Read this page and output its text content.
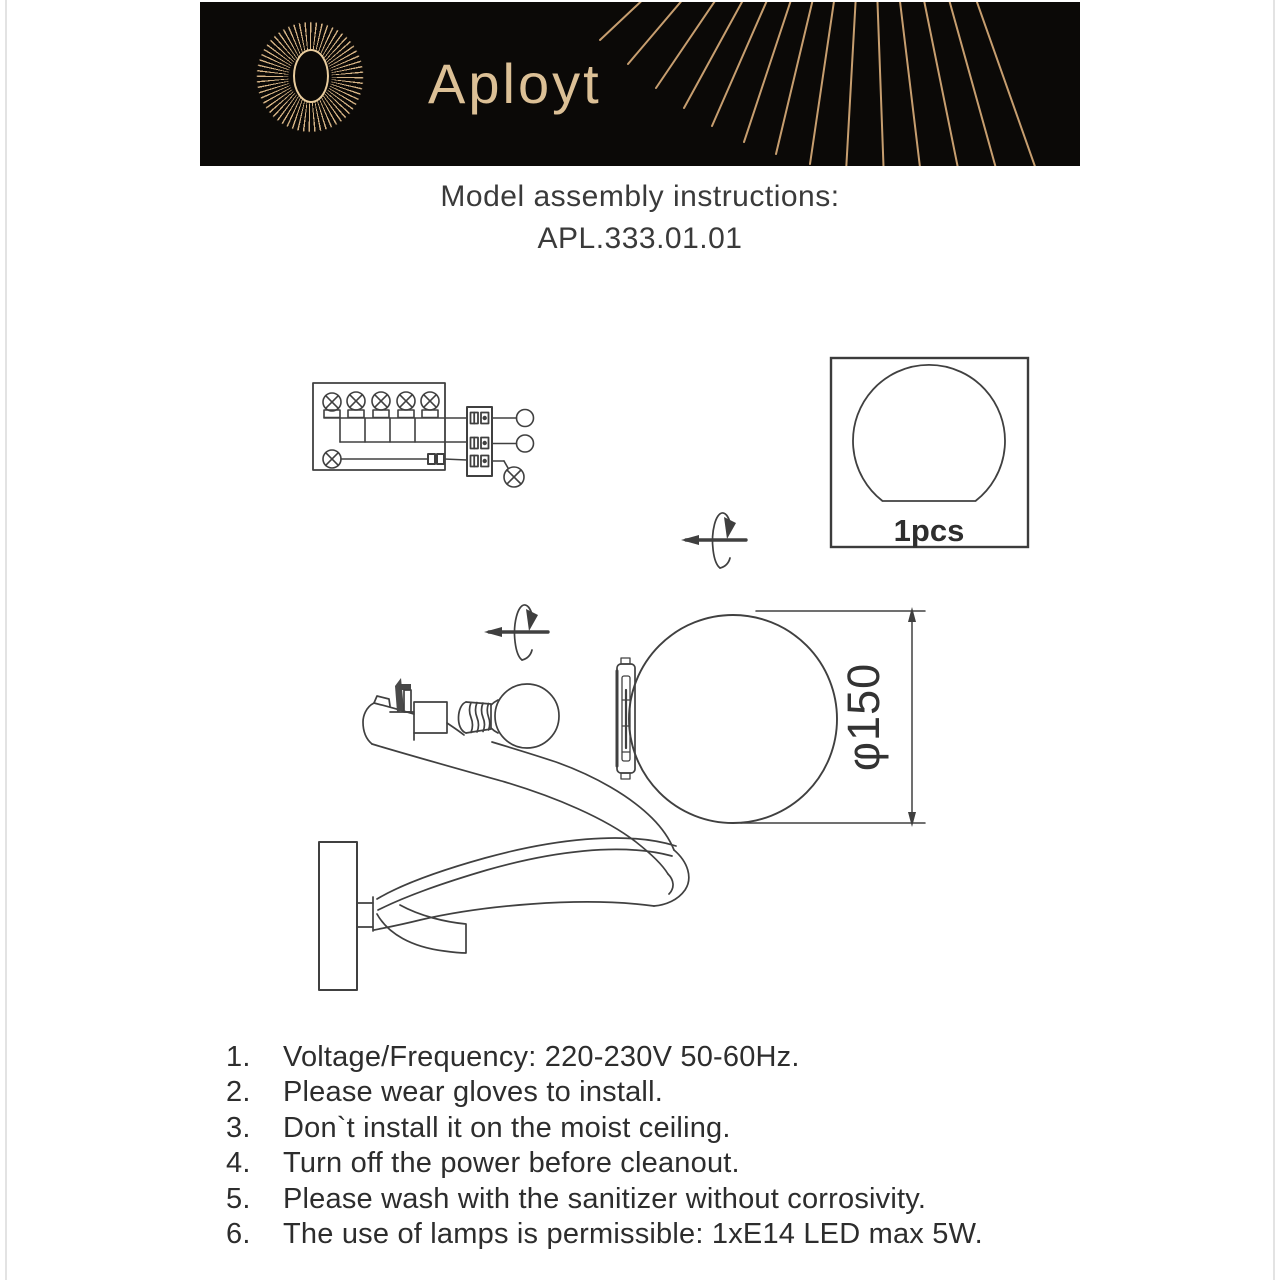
Aployt
Model assembly instructions:
APL.333.01.01
1pcs
φ150
1.	Voltage/Frequency: 220-230V 50-60Hz.
2.	Please wear gloves to install.
3.	Don`t install it on the moist ceiling.
4.	Turn off the power before cleanout.
5.	Please wash with the sanitizer without corrosivity.
6.	The use of lamps is permissible: 1xE14 LED max 5W.
